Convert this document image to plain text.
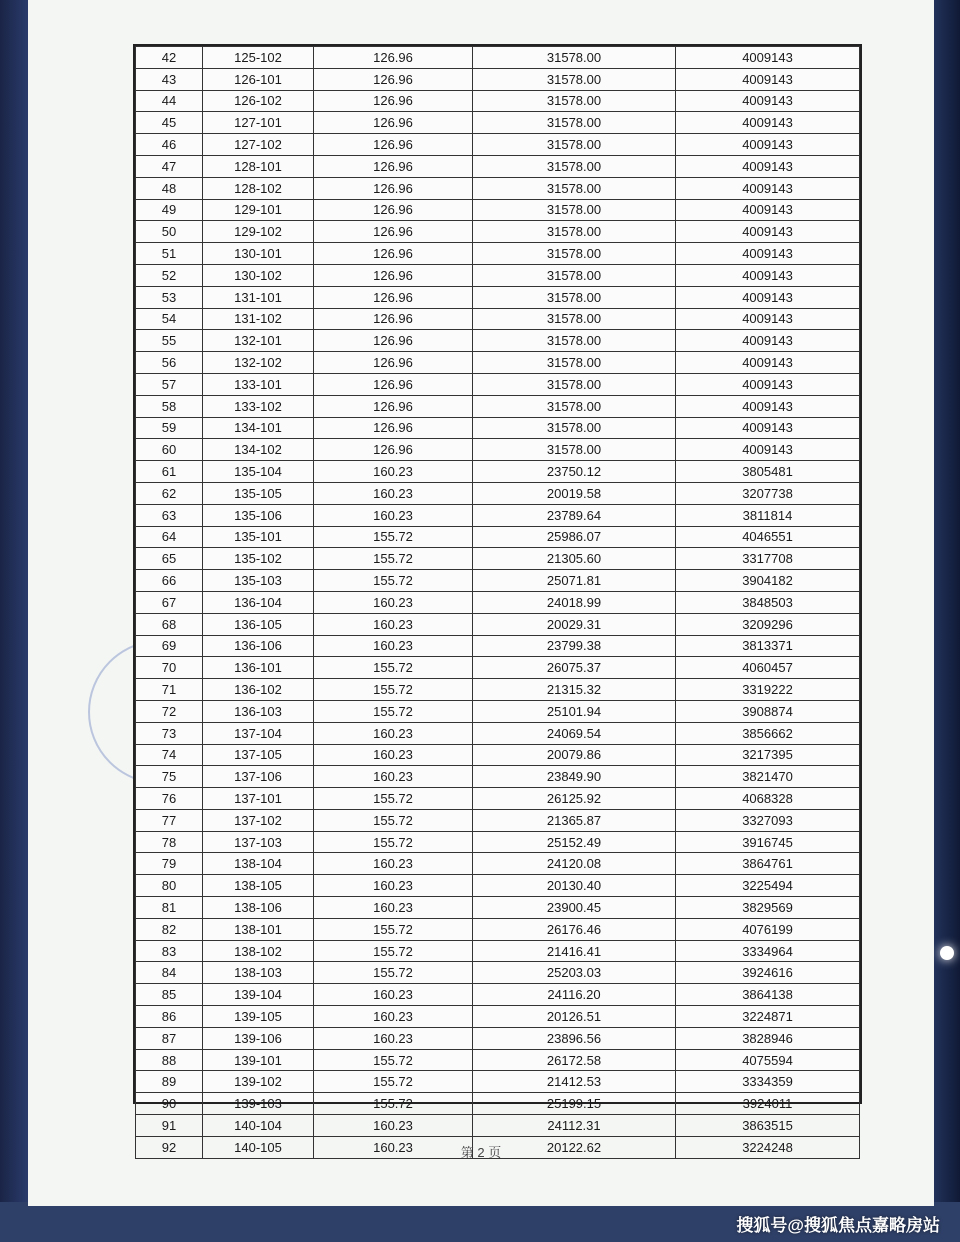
42	125-102	126.96	31578.00	4009143
43	126-101	126.96	31578.00	4009143
44	126-102	126.96	31578.00	4009143
45	127-101	126.96	31578.00	4009143
46	127-102	126.96	31578.00	4009143
47	128-101	126.96	31578.00	4009143
48	128-102	126.96	31578.00	4009143
49	129-101	126.96	31578.00	4009143
50	129-102	126.96	31578.00	4009143
51	130-101	126.96	31578.00	4009143
52	130-102	126.96	31578.00	4009143
53	131-101	126.96	31578.00	4009143
54	131-102	126.96	31578.00	4009143
55	132-101	126.96	31578.00	4009143
56	132-102	126.96	31578.00	4009143
57	133-101	126.96	31578.00	4009143
58	133-102	126.96	31578.00	4009143
59	134-101	126.96	31578.00	4009143
60	134-102	126.96	31578.00	4009143
61	135-104	160.23	23750.12	3805481
62	135-105	160.23	20019.58	3207738
63	135-106	160.23	23789.64	3811814
64	135-101	155.72	25986.07	4046551
65	135-102	155.72	21305.60	3317708
66	135-103	155.72	25071.81	3904182
67	136-104	160.23	24018.99	3848503
68	136-105	160.23	20029.31	3209296
69	136-106	160.23	23799.38	3813371
70	136-101	155.72	26075.37	4060457
71	136-102	155.72	21315.32	3319222
72	136-103	155.72	25101.94	3908874
73	137-104	160.23	24069.54	3856662
74	137-105	160.23	20079.86	3217395
75	137-106	160.23	23849.90	3821470
76	137-101	155.72	26125.92	4068328
77	137-102	155.72	21365.87	3327093
78	137-103	155.72	25152.49	3916745
79	138-104	160.23	24120.08	3864761
80	138-105	160.23	20130.40	3225494
81	138-106	160.23	23900.45	3829569
82	138-101	155.72	26176.46	4076199
83	138-102	155.72	21416.41	3334964
84	138-103	155.72	25203.03	3924616
85	139-104	160.23	24116.20	3864138
86	139-105	160.23	20126.51	3224871
87	139-106	160.23	23896.56	3828946
88	139-101	155.72	26172.58	4075594
89	139-102	155.72	21412.53	3334359
90	139-103	155.72	25199.15	3924011
91	140-104	160.23	24112.31	3863515
92	140-105	160.23	20122.62	3224248
第 2 页
搜狐号@搜狐焦点嘉略房站
